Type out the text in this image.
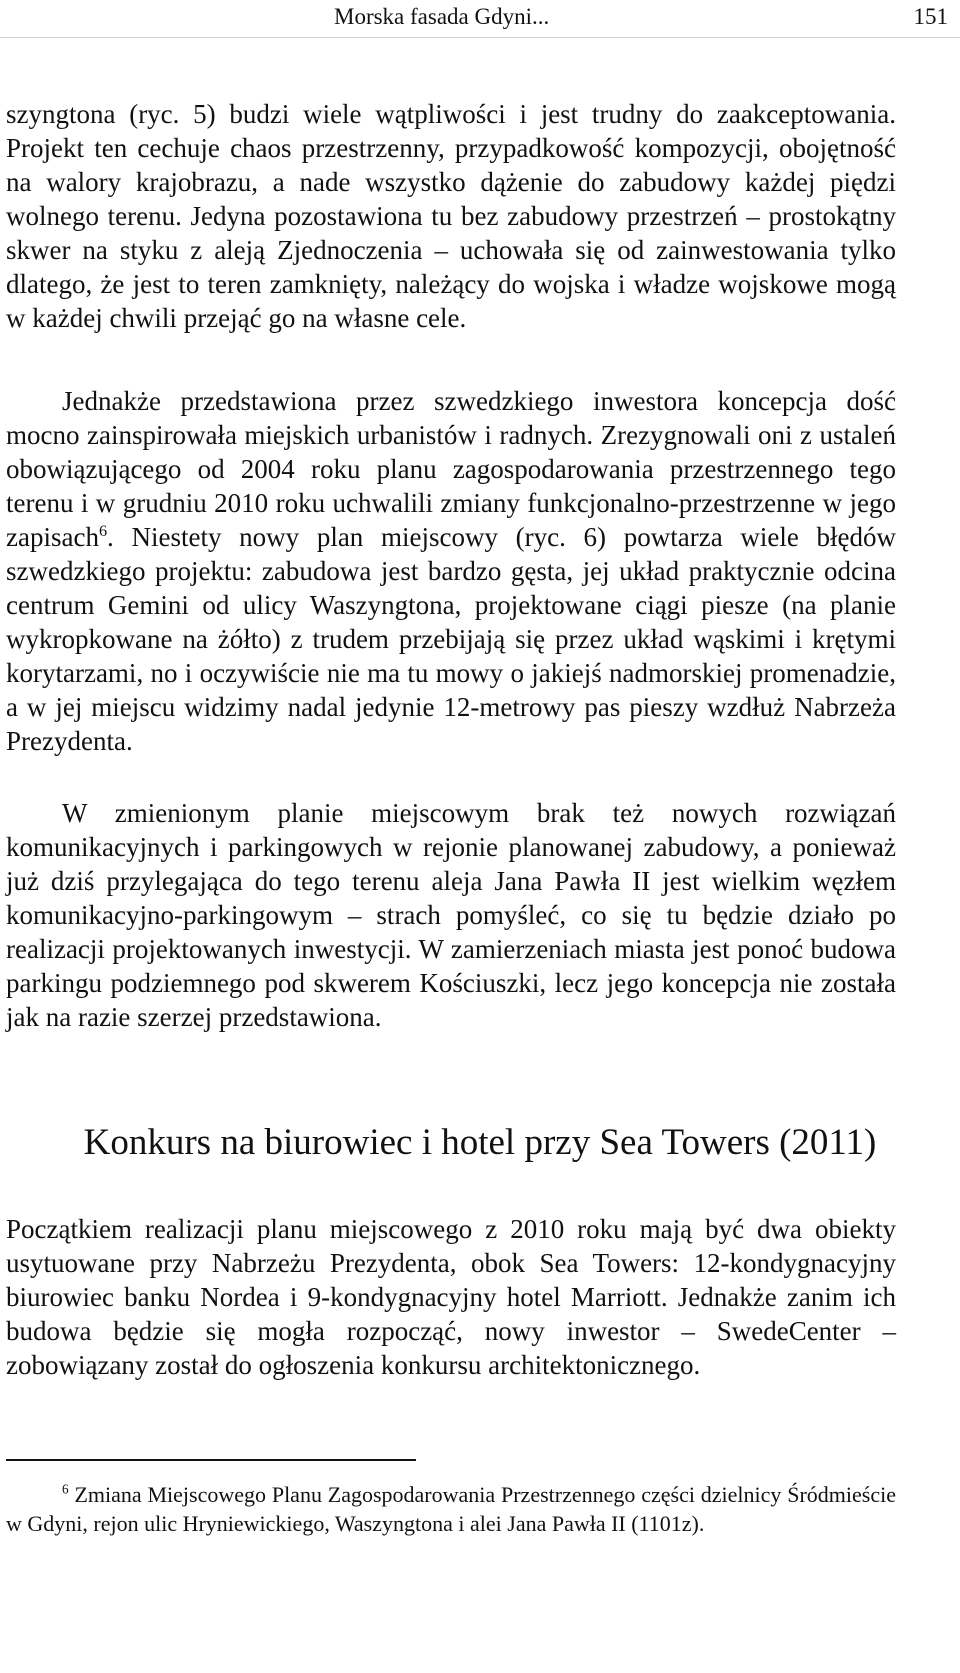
Morska fasada Gdyni...	151

szyngtona (ryc. 5) budzi wiele wątpliwości i jest trudny do zaakceptowania. Projekt ten cechuje chaos przestrzenny, przypadkowość kompozycji, obojętność na walory krajobrazu, a nade wszystko dążenie do zabudowy każdej piędzi wolnego terenu. Jedyna pozostawiona tu bez zabudowy przestrzeń – prostokątny skwer na styku z aleją Zjednoczenia – uchowała się od zainwestowania tylko dlatego, że jest to teren zamknięty, należący do wojska i władze wojskowe mogą w każdej chwili przejąć go na własne cele.

Jednakże przedstawiona przez szwedzkiego inwestora koncepcja dość mocno zainspirowała miejskich urbanistów i radnych. Zrezygnowali oni z ustaleń obowiązującego od 2004 roku planu zagospodarowania przestrzennego tego terenu i w grudniu 2010 roku uchwalili zmiany funkcjonalno-przestrzenne w jego zapisach$^6$. Niestety nowy plan miejscowy (ryc. 6) powtarza wiele błędów szwedzkiego projektu: zabudowa jest bardzo gęsta, jej układ praktycznie odcina centrum Gemini od ulicy Waszyngtona, projektowane ciągi piesze (na planie wykropkowane na żółto) z trudem przebijają się przez układ wąskimi i krętymi korytarzami, no i oczywiście nie ma tu mowy o jakiejś nadmorskiej promenadzie, a w jej miejscu widzimy nadal jedynie 12-metrowy pas pieszy wzdłuż Nabrzeża Prezydenta.

W zmienionym planie miejscowym brak też nowych rozwiązań komunikacyjnych i parkingowych w rejonie planowanej zabudowy, a ponieważ już dziś przylegająca do tego terenu aleja Jana Pawła II jest wielkim węzłem komunikacyjno-parkingowym – strach pomyśleć, co się tu będzie działo po realizacji projektowanych inwestycji. W zamierzeniach miasta jest ponoć budowa parkingu podziemnego pod skwerem Kościuszki, lecz jego koncepcja nie została jak na razie szerzej przedstawiona.

Konkurs na biurowiec i hotel przy Sea Towers (2011)

Początkiem realizacji planu miejscowego z 2010 roku mają być dwa obiekty usytuowane przy Nabrzeżu Prezydenta, obok Sea Towers: 12-kondygnacyjny biurowiec banku Nordea i 9-kondygnacyjny hotel Marriott. Jednakże zanim ich budowa będzie się mogła rozpocząć, nowy inwestor – SwedeCenter – zobowiązany został do ogłoszenia konkursu architektonicznego.

$^6$ Zmiana Miejscowego Planu Zagospodarowania Przestrzennego części dzielnicy Śródmieście w Gdyni, rejon ulic Hryniewickiego, Waszyngtona i alei Jana Pawła II (1101z).
